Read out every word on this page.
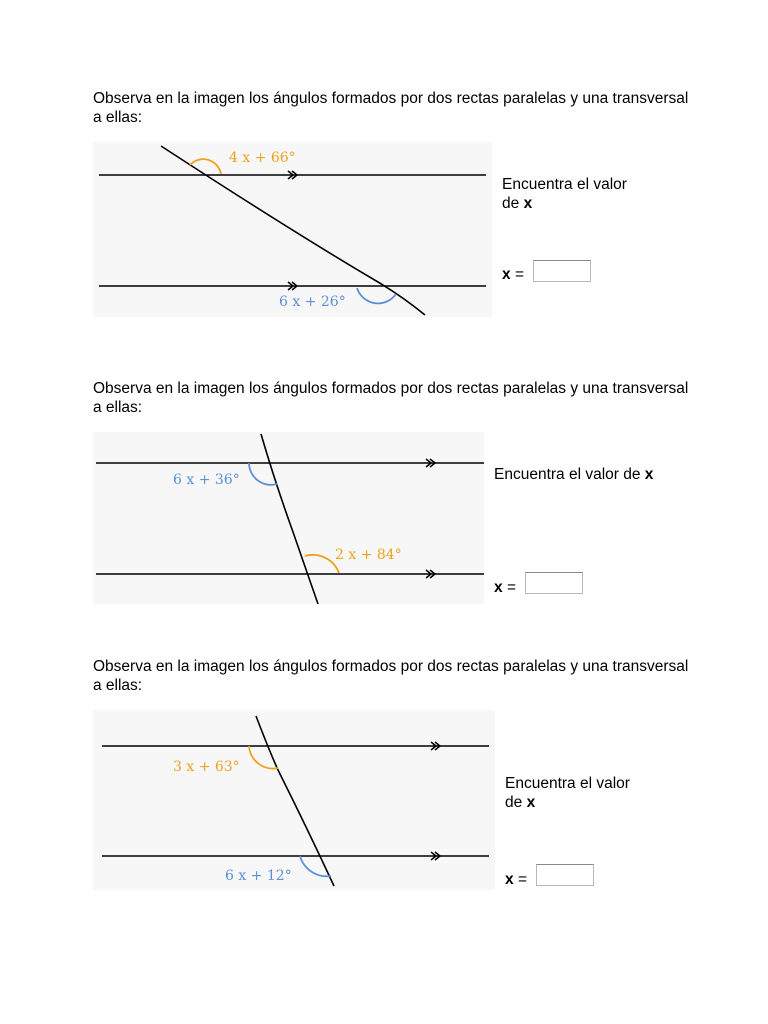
Observa en la imagen los ángulos formados por dos rectas paralelas y una transversal a ellas:
4 x + 66°
6 x + 26°
Encuentra el valor
de x
x =
Observa en la imagen los ángulos formados por dos rectas paralelas y una transversal a ellas:
6 x + 36°
2 x + 84°
Encuentra el valor de x
x =
Observa en la imagen los ángulos formados por dos rectas paralelas y una transversal a ellas:
3 x + 63°
6 x + 12°
Encuentra el valor
de x
x =
